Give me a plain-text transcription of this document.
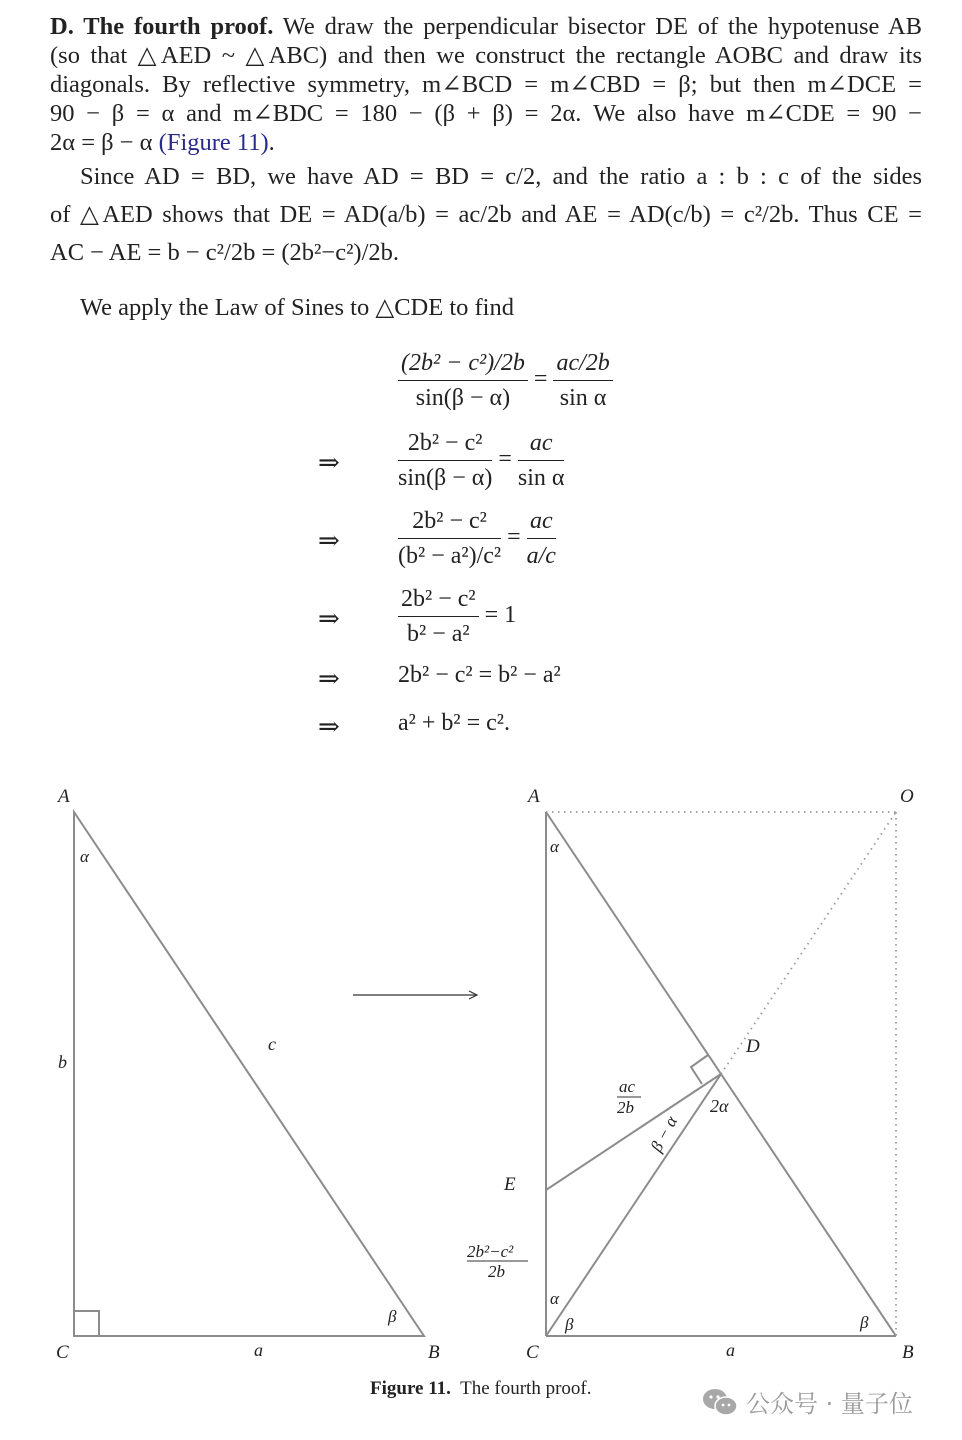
D. The fourth proof. We draw the perpendicular bisector DE of the hypotenuse AB
(so that △AED ~ △ABC) and then we construct the rectangle AOBC and draw its
diagonals. By reflective symmetry, m∠BCD = m∠CBD = β; but then m∠DCE =
90 − β = α and m∠BDC = 180 − (β + β) = 2α. We also have m∠CDE = 90 −
2α = β − α (Figure 11).
Since AD = BD, we have AD = BD = c/2, and the ratio a : b : c of the sides
of △AED shows that DE = AD(a/b) = ac/2b and AE = AD(c/b) = c²/2b. Thus CE =
AC − AE = b − c²/2b = (2b²−c²)/2b.
We apply the Law of Sines to △CDE to find
$\frac{\text{(2b² − c²)/2b}}{\sin(\beta - \alpha)} = \frac{ac/2b}{\text{sin α}}$
⇒ $\frac{\text{2b² − c²}}{\sin(\beta - \alpha)} = \frac{ac}{\text{sin α}}$
⇒ $\frac{\text{2b² − c²}}{\text{(b² − a²)/c²}} = \frac{ac}{a/c}$
⇒ $\frac{\text{2b² − c²}}{\text{b² − a²}} = 1$
⇒ 2b² − c² = b² − a²
⇒ a² + b² = c².
A
C	B
α
β
b
c
a
A	O
C	B
D
E
α
α
β	β
2α
β − α
a
ac
2b
2b²−c²
2b
Figure 11. The fourth proof.
公众号 · 量子位
